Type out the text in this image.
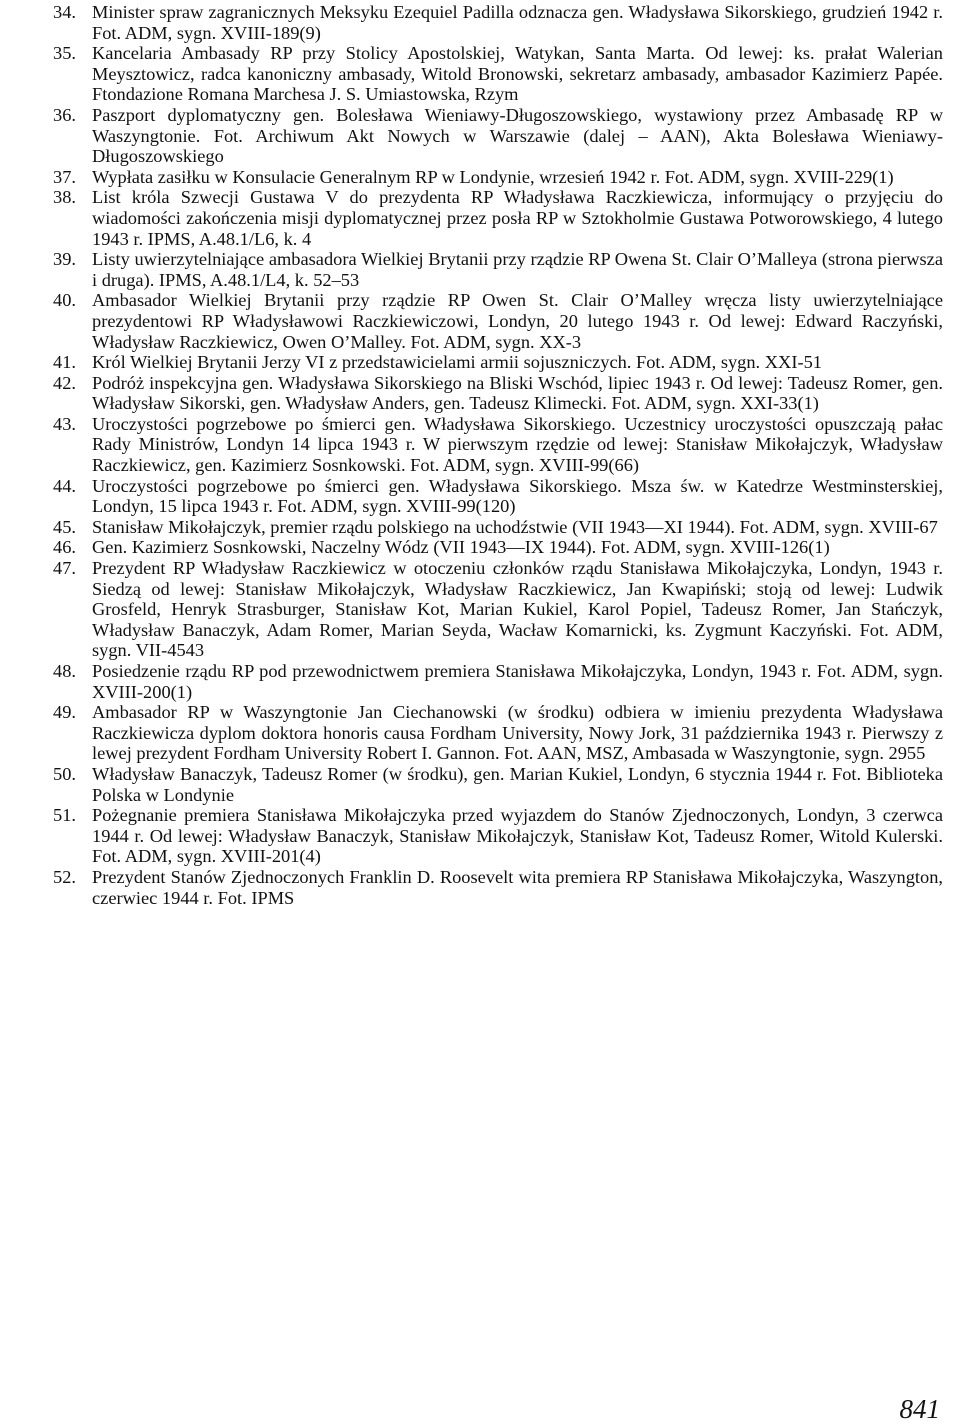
34. Minister spraw zagranicznych Meksyku Ezequiel Padilla odznacza gen. Władysława Sikorskiego, grudzień 1942 r. Fot. ADM, sygn. XVIII-189(9)
35. Kancelaria Ambasady RP przy Stolicy Apostolskiej, Watykan, Santa Marta. Od lewej: ks. prałat Walerian Meysztowicz, radca kanoniczny ambasady, Witold Bronowski, sekretarz ambasady, ambasador Kazimierz Papée. Ftondazione Romana Marchesa J. S. Umiastowska, Rzym
36. Paszport dyplomatyczny gen. Bolesława Wieniawy-Długoszowskiego, wystawiony przez Ambasadę RP w Waszyngtonie. Fot. Archiwum Akt Nowych w Warszawie (dalej – AAN), Akta Bolesława Wieniawy-Długoszowskiego
37. Wypłata zasiłku w Konsulacie Generalnym RP w Londynie, wrzesień 1942 r. Fot. ADM, sygn. XVIII-229(1)
38. List króla Szwecji Gustawa V do prezydenta RP Władysława Raczkiewicza, informujący o przyjęciu do wiadomości zakończenia misji dyplomatycznej przez posła RP w Sztokholmie Gustawa Potworowskiego, 4 lutego 1943 r. IPMS, A.48.1/L6, k. 4
39. Listy uwierzytelniające ambasadora Wielkiej Brytanii przy rządzie RP Owena St. Clair O’Malleya (strona pierwsza i druga). IPMS, A.48.1/L4, k. 52–53
40. Ambasador Wielkiej Brytanii przy rządzie RP Owen St. Clair O’Malley wręcza listy uwierzytelniające prezydentowi RP Władysławowi Raczkiewiczowi, Londyn, 20 lutego 1943 r. Od lewej: Edward Raczyński, Władysław Raczkiewicz, Owen O’Malley. Fot. ADM, sygn. XX-3
41. Król Wielkiej Brytanii Jerzy VI z przedstawicielami armii sojuszniczych. Fot. ADM, sygn. XXI-51
42. Podróż inspekcyjna gen. Władysława Sikorskiego na Bliski Wschód, lipiec 1943 r. Od lewej: Tadeusz Romer, gen. Władysław Sikorski, gen. Władysław Anders, gen. Tadeusz Klimecki. Fot. ADM, sygn. XXI-33(1)
43. Uroczystości pogrzebowe po śmierci gen. Władysława Sikorskiego. Uczestnicy uroczystości opuszczają pałac Rady Ministrów, Londyn 14 lipca 1943 r. W pierwszym rzędzie od lewej: Stanisław Mikołajczyk, Władysław Raczkiewicz, gen. Kazimierz Sosnkowski. Fot. ADM, sygn. XVIII-99(66)
44. Uroczystości pogrzebowe po śmierci gen. Władysława Sikorskiego. Msza św. w Katedrze Westminsterskiej, Londyn, 15 lipca 1943 r. Fot. ADM, sygn. XVIII-99(120)
45. Stanisław Mikołajczyk, premier rządu polskiego na uchodźstwie (VII 1943—XI 1944). Fot. ADM, sygn. XVIII-67
46. Gen. Kazimierz Sosnkowski, Naczelny Wódz (VII 1943—IX 1944). Fot. ADM, sygn. XVIII-126(1)
47. Prezydent RP Władysław Raczkiewicz w otoczeniu członków rządu Stanisława Mikołajczyka, Londyn, 1943 r. Siedzą od lewej: Stanisław Mikołajczyk, Władysław Raczkiewicz, Jan Kwapiński; stoją od lewej: Ludwik Grosfeld, Henryk Strasburger, Stanisław Kot, Marian Kukiel, Karol Popiel, Tadeusz Romer, Jan Stańczyk, Władysław Banaczyk, Adam Romer, Marian Seyda, Wacław Komarnicki, ks. Zygmunt Kaczyński. Fot. ADM, sygn. VII-4543
48. Posiedzenie rządu RP pod przewodnictwem premiera Stanisława Mikołajczyka, Londyn, 1943 r. Fot. ADM, sygn. XVIII-200(1)
49. Ambasador RP w Waszyngtonie Jan Ciechanowski (w środku) odbiera w imieniu prezydenta Władysława Raczkiewicza dyplom doktora honoris causa Fordham University, Nowy Jork, 31 października 1943 r. Pierwszy z lewej prezydent Fordham University Robert I. Gannon. Fot. AAN, MSZ, Ambasada w Waszyngtonie, sygn. 2955
50. Władysław Banaczyk, Tadeusz Romer (w środku), gen. Marian Kukiel, Londyn, 6 stycznia 1944 r. Fot. Biblioteka Polska w Londynie
51. Pożegnanie premiera Stanisława Mikołajczyka przed wyjazdem do Stanów Zjednoczonych, Londyn, 3 czerwca 1944 r. Od lewej: Władysław Banaczyk, Stanisław Mikołajczyk, Stanisław Kot, Tadeusz Romer, Witold Kulerski. Fot. ADM, sygn. XVIII-201(4)
52. Prezydent Stanów Zjednoczonych Franklin D. Roosevelt wita premiera RP Stanisława Mikołajczyka, Waszyngton, czerwiec 1944 r. Fot. IPMS
841
